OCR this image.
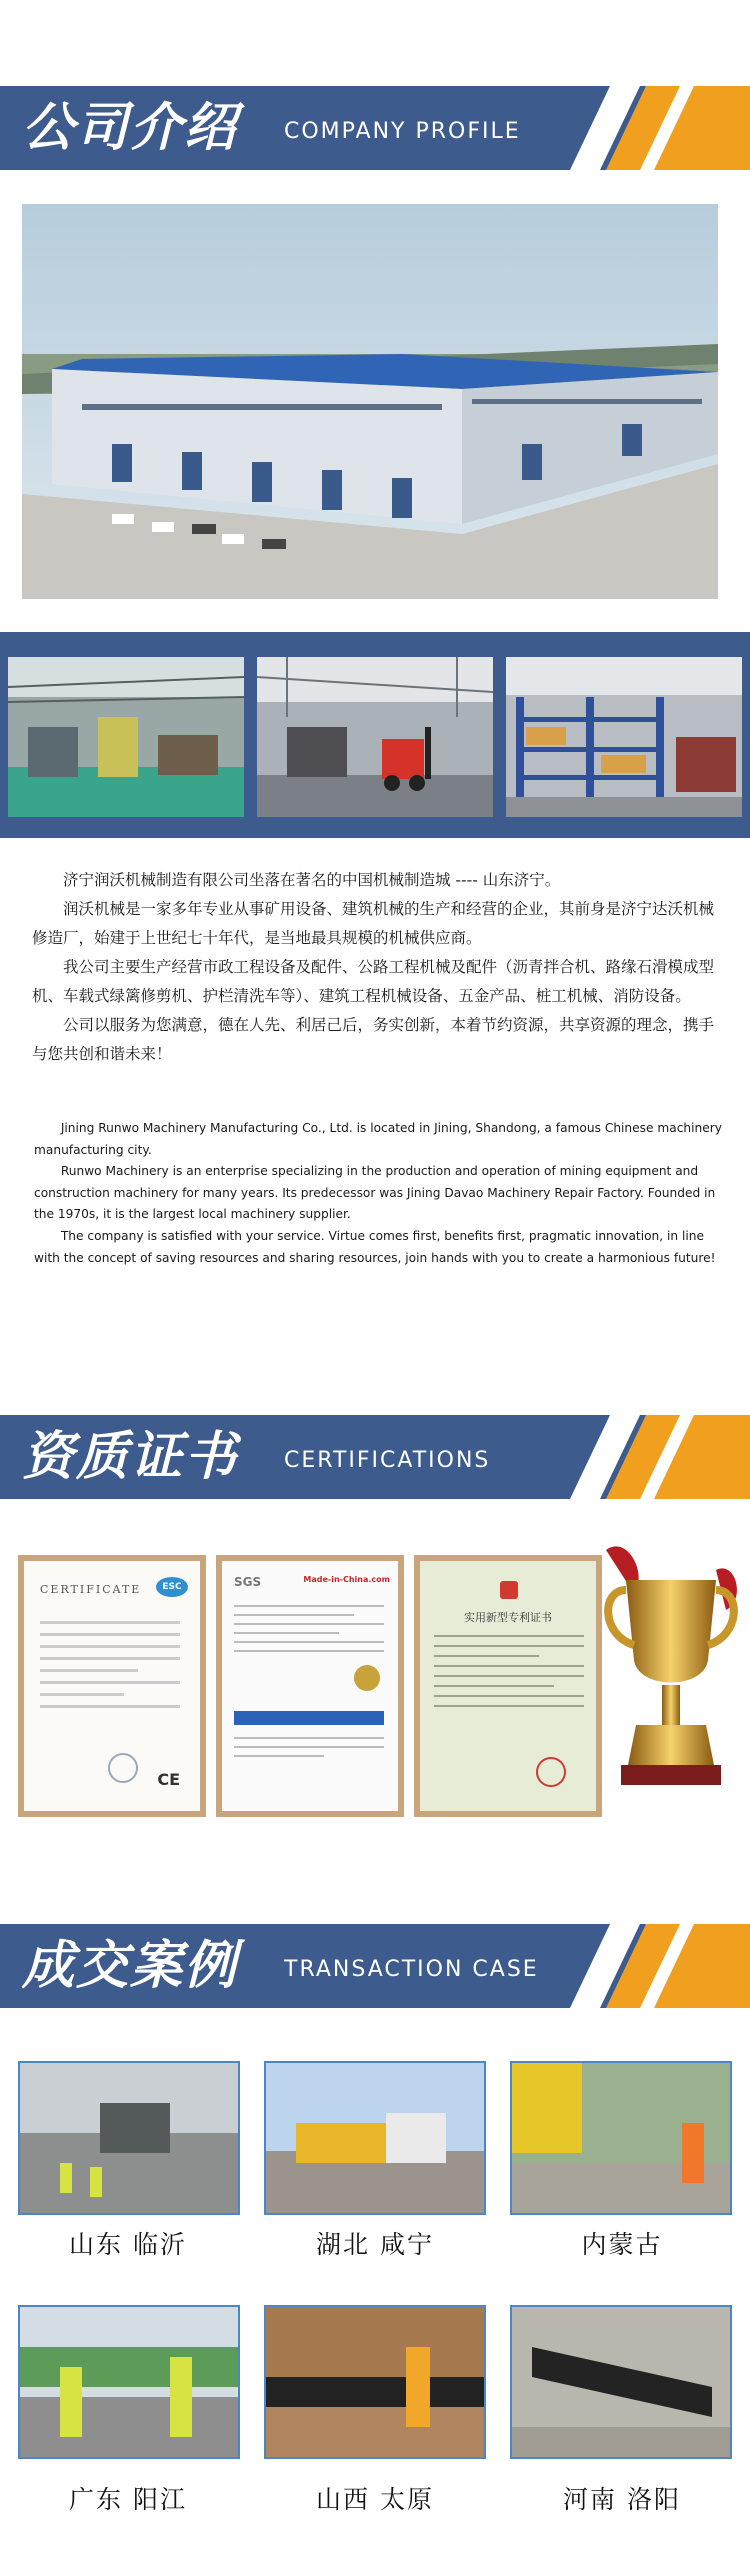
公司介绍 COMPANY PROFILE

济宁润沃机械制造有限公司坐落在著名的中国机械制造城 ---- 山东济宁。

润沃机械是一家多年专业从事矿用设备、建筑机械的生产和经营的企业，其前身是济宁达沃机械修造厂，始建于上世纪七十年代，是当地最具规模的机械供应商。

我公司主要生产经营市政工程设备及配件、公路工程机械及配件（沥青拌合机、路缘石滑模成型机、车载式绿篱修剪机、护栏清洗车等）、建筑工程机械设备、五金产品、桩工机械、消防设备。

公司以服务为您满意，德在人先、利居己后，务实创新，本着节约资源，共享资源的理念，携手与您共创和谐未来！

Jining Runwo Machinery Manufacturing Co., Ltd. is located in Jining, Shandong, a famous Chinese machinery manufacturing city.

Runwo Machinery is an enterprise specializing in the production and operation of mining equipment and construction machinery for many years. Its predecessor was Jining Davao Machinery Repair Factory. Founded in the 1970s, it is the largest local machinery supplier.

The company is satisfied with your service. Virtue comes first, benefits first, pragmatic innovation, in line with the concept of saving resources and sharing resources, join hands with you to create a harmonious future!

资质证书 CERTIFICATIONS
CERTIFICATE	ESC
CE
SGS	Made-in-China.com
实用新型专利证书
成交案例 TRANSACTION CASE
山东 临沂	湖北 咸宁	内蒙古
广东 阳江	山西 太原	河南 洛阳
